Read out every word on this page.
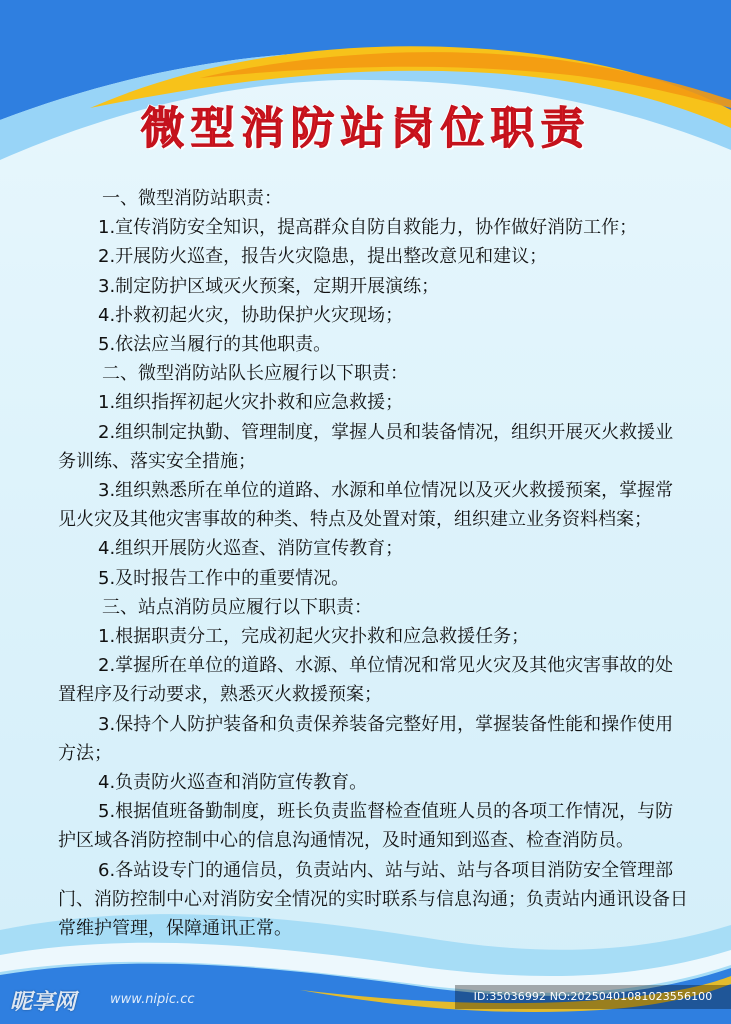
微型消防站岗位职责

一、微型消防站职责：

1.宣传消防安全知识，提高群众自防自救能力，协作做好消防工作；

2.开展防火巡查，报告火灾隐患，提出整改意见和建议；

3.制定防护区域灭火预案，定期开展演练；

4.扑救初起火灾，协助保护火灾现场；

5.依法应当履行的其他职责。

二、微型消防站队长应履行以下职责：

1.组织指挥初起火灾扑救和应急救援；

2.组织制定执勤、管理制度，掌握人员和装备情况，组织开展灭火救援业务训练、落实安全措施；

3.组织熟悉所在单位的道路、水源和单位情况以及灭火救援预案，掌握常见火灾及其他灾害事故的种类、特点及处置对策，组织建立业务资料档案；

4.组织开展防火巡查、消防宣传教育；

5.及时报告工作中的重要情况。

三、站点消防员应履行以下职责：

1.根据职责分工，完成初起火灾扑救和应急救援任务；

2.掌握所在单位的道路、水源、单位情况和常见火灾及其他灾害事故的处置程序及行动要求，熟悉灭火救援预案；

3.保持个人防护装备和负责保养装备完整好用，掌握装备性能和操作使用方法；

4.负责防火巡查和消防宣传教育。

5.根据值班备勤制度，班长负责监督检查值班人员的各项工作情况，与防护区域各消防控制中心的信息沟通情况，及时通知到巡查、检查消防员。

6.各站设专门的通信员，负责站内、站与站、站与各项目消防安全管理部门、消防控制中心对消防安全情况的实时联系与信息沟通；负责站内通讯设备日常维护管理，保障通讯正常。

昵享网	www.nipic.cc	ID:35036992 NO:20250401081023556100
